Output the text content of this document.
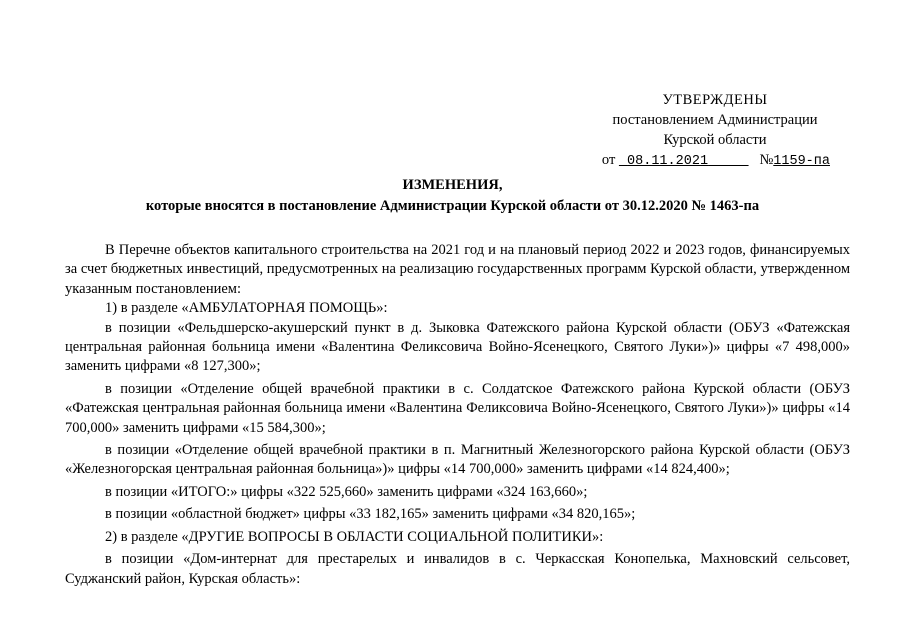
УТВЕРЖДЕНЫ
постановлением Администрации
Курской области
от 08.11.2021	№1159-па
ИЗМЕНЕНИЯ,
которые вносятся в постановление Администрации Курской области от 30.12.2020 № 1463-па

В Перечне объектов капитального строительства на 2021 год и на плановый период 2022 и 2023 годов, финансируемых за счет бюджетных инвестиций, предусмотренных на реализацию государственных программ Курской области, утвержденном указанным постановлением:

1) в разделе «АМБУЛАТОРНАЯ ПОМОЩЬ»:

в позиции «Фельдшерско-акушерский пункт в д. Зыковка Фатежского района Курской области (ОБУЗ «Фатежская центральная районная больница имени «Валентина Феликсовича Войно-Ясенецкого, Святого Луки»)» цифры «7 498,000» заменить цифрами «8 127,300»;

в позиции «Отделение общей врачебной практики в с. Солдатское Фатежского района Курской области (ОБУЗ «Фатежская центральная районная больница имени «Валентина Феликсовича Войно-Ясенецкого, Святого Луки»)» цифры «14 700,000» заменить цифрами «15 584,300»;

в позиции «Отделение общей врачебной практики в п. Магнитный Железногорского района Курской области (ОБУЗ «Железногорская центральная районная больница»)» цифры «14 700,000» заменить цифрами «14 824,400»;

в позиции «ИТОГО:» цифры «322 525,660» заменить цифрами «324 163,660»;

в позиции «областной бюджет» цифры «33 182,165» заменить цифрами «34 820,165»;

2) в разделе «ДРУГИЕ ВОПРОСЫ В ОБЛАСТИ СОЦИАЛЬНОЙ ПОЛИТИКИ»:

в позиции «Дом-интернат для престарелых и инвалидов в с. Черкасская Конопелька, Махновский сельсовет, Суджанский район, Курская область»:
